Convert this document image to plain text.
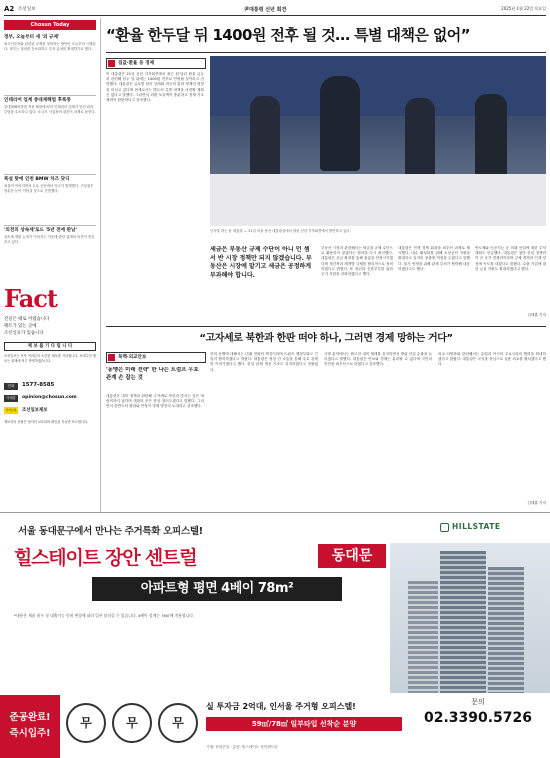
A2 조선일보	尹대통령 신년 회견	2025년 1월 22일 목요일
Chosun Today
정부, 오늘부터 새 '외 규제'
외국인투자와 관련된 규제를 정비하는 방안이 오늘부터 시행된다. 정부는 절차를 간소화하고 투자 유치를 확대하기로 했다.
인테리어 업계 중대재해법 후폭풍
중대재해처벌법 적용 확대에 따라 인테리어 업계가 안전 관리 부담을 호소하고 있다. 소규모 사업장의 대응이 과제로 꼽힌다.
폭설 탓에 인천 BMW 차즈 닷디
폭설이 이어지면서 도로 곳곳에서 사고가 발생했다. 기상청은 당분간 눈이 이어질 것으로 전망했다.
'의전의 상속세'로드 '5년 전에 판남'
상속세 개편 논의가 이어지는 가운데 관련 업계의 의견이 엇갈리고 있다.
Fact
진실은 때로 어렵습니다
팩트가 있는 곳에
조선일보가 있습니다
제 보 를 기 다 립 니 다
조선일보는 독자 여러분의 소중한 제보를 기다립니다. 보내주신 제보는 취재에 적극 반영하겠습니다.
전화	1577-8585
이메일	opinion@chosun.com
카카오톡	조선일보제보
제보자의 신원은 철저히 보호되며 확인된 사실만 보도합니다.
“환율 한두달 뒤 1400원 전후 될 것… 특별 대책은 없어”
집값·환율 등 경제
이 대통령은 21일 신년 기자회견에서 최근 원·달러 환율 급등과 관련해 한두 달 뒤에는 1400원 전후로 안정될 것이라고 전망했다. 대통령은 글로벌 달러 강세와 미국의 통화 정책이 영향을 미치고 있다며 현재로서는 별도의 특별 대책을 마련할 계획은 없다고 말했다. 그러면서 외환 보유액이 충분하고 경제 기초 체력이 탄탄하다고 강조했다.
인사말 하는 윤 대통령 — 21일 서울 용산 대통령실에서 열린 신년 기자회견에서 발언하고 있다.
세금은 부동산 규제 수단이 아니 던 셈서 반 시장 정책만 되지 않겠습니다. 부동산은 시장에 맡기고 세금은 공정하게 부과해야 합니다.
부동산 시장과 관련해서는 세금을 규제 수단으로 활용하지 않겠다는 원칙을 다시 확인했다. 대통령은 공급 확대를 통해 집값을 안정시키겠다며 재건축과 재개발 규제를 합리적으로 정비하겠다고 밝혔다. 또 청년과 신혼부부를 위한 주거 지원을 강화하겠다고 했다.
대통령은 민생 경제 회복을 최우선 과제로 제시했다. 내수 활성화를 위해 소상공인 지원을 확대하고 일자리 창출에 역점을 두겠다고 말했다. 물가 안정을 위해 관계 부처가 협력해 대응하겠다고도 했다.
반도체와 인공지능 등 미래 산업에 대한 투자 계획도 언급했다. 대통령은 첨단 산업 경쟁력이 곧 국가 경쟁력이라며 규제 개혁과 인재 양성에 속도를 내겠다고 밝혔다. 수출 기업에 대한 금융 지원도 확대하겠다고 했다.
김태훈 기자
“고자세로 북한과 한판 떠야 하나, 그러면 경제 망하는 거다”
북핵·외교안보
'동맹은 미래 전략' 한 나는 트럼프 우호 관계 손 잡는 것
대통령은 대북 정책과 관련해 고자세로 북한과 맞서는 것은 바람직하지 않다며 대화의 문은 항상 열어두겠다고 말했다. 그러면서 한반도의 평화와 안정이 경제 발전의 토대라고 강조했다.
한미 동맹에 대해서는 미래 전략의 핵심이라며 트럼프 행정부와도 긴밀히 협력하겠다고 밝혔다. 대통령은 정상 간 소통을 통해 우호 관계를 이어가겠다고 했다. 한일 관계 개선 기조도 유지하겠다고 덧붙였다.
국방 분야에서는 확고한 대비 태세를 유지하면서 방위 산업 수출을 늘리겠다고 말했다. 대통령은 안보와 경제는 분리할 수 없다며 국민의 안전을 최우선으로 하겠다고 강조했다.
외교 다변화와 관련해서는 유럽과 아시아 주요국과의 협력을 확대하겠다고 밝혔다. 대통령은 국익을 중심으로 실용 외교를 펼치겠다고 했다.
김태훈 기자
서울 동대문구에서 만나는 주거특화 오피스텔!	HILLSTATE
힐스테이트 장안 센트럴	동대문
아파트형 평면 4베이 78m²
*내용은 제품 하우 및 대출기능 인허 변경에 따라 일부 달라질 수 있습니다. 4베이 설계는 78㎡에 적용됩니다.
준공완료!
즉시입주!
무	무	무
실 투자금 2억대, 인서울 주거형 오피스텔!
59㎡/78㎡ 일부타입 선착순 분양
문의
02.3390.5726
시행: 현대건설 · 분양: 힐스테이트 장안센트럴
